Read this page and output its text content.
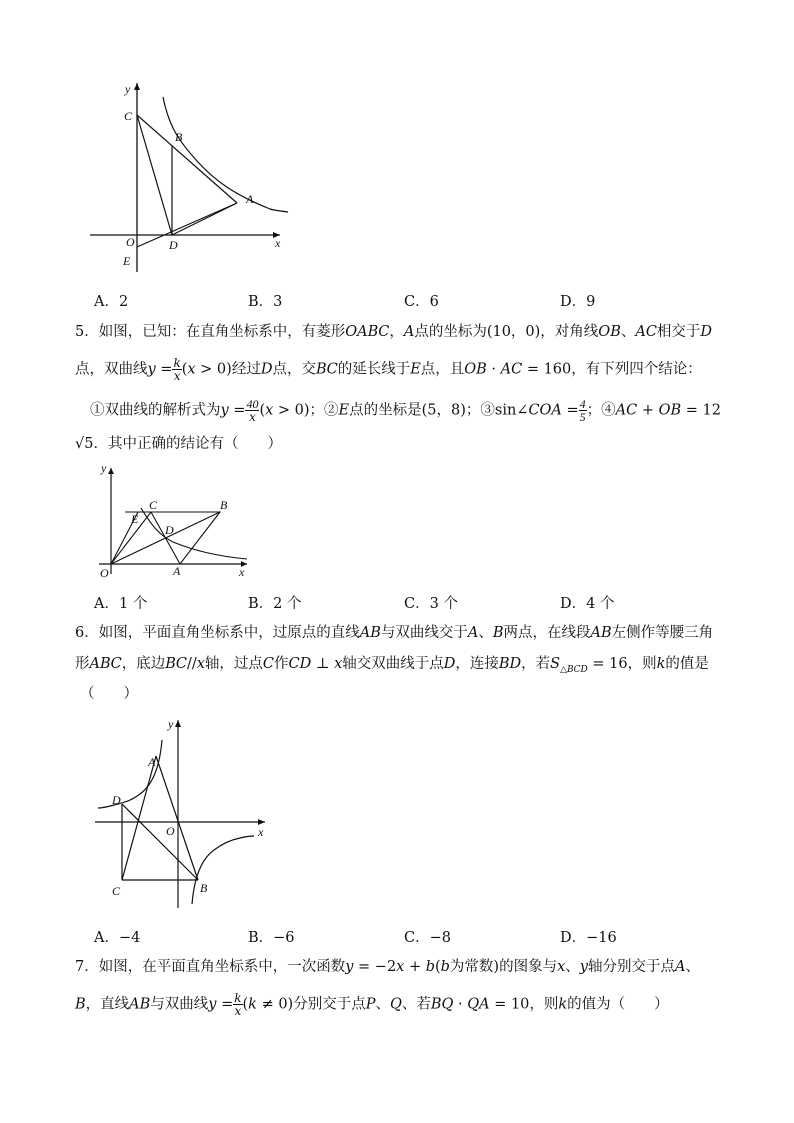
y
C
B
A
O	D
E
x
A．2	B．3	C．6	D．9
5．如图，已知：在直角坐标系中，有菱形𝑂𝐴𝐵𝐶，𝐴点的坐标为(10，0)，对角线𝑂𝐵、𝐴𝐶相交于𝐷
点，双曲线𝑦 = $\frac{\text{𝑘}}{\text{𝑥}}$ (𝑥 > 0)经过𝐷点，交𝐵𝐶的延长线于𝐸点，且𝑂𝐵 · 𝐴𝐶 = 160，有下列四个结论：
①双曲线的解析式为𝑦 = $\frac{40}{\text{𝑥}}$ (𝑥 > 0)；②𝐸点的坐标是(5，8)；③sin∠𝐶𝑂𝐴 = $\frac{4}{5}$ ；④𝐴𝐶 + 𝑂𝐵 = 12
√5．其中正确的结论有（　　）
y
C	B
E
D
O	A	x
A．1 个	B．2 个	C．3 个	D．4 个
6．如图，平面直角坐标系中，过原点的直线𝐴𝐵与双曲线交于𝐴、𝐵两点，在线段𝐴𝐵左侧作等腰三角
形𝐴𝐵𝐶，底边𝐵𝐶//𝑥轴，过点𝐶作𝐶𝐷 ⊥ 𝑥轴交双曲线于点𝐷，连接𝐵𝐷，若𝑆$_{\triangle 𝐵𝐶𝐷}$ = 16，则𝑘的值是
（　　）
y
A
D
O	x
C	B
A．−4	B．−6	C．−8	D．−16
7．如图，在平面直角坐标系中，一次函数𝑦 = −2𝑥 + 𝑏(𝑏为常数)的图象与𝑥、𝑦轴分别交于点𝐴、
𝐵，直线𝐴𝐵与双曲线𝑦 = $\frac{\text{𝑘}}{\text{𝑥}}$ (𝑘 ≠ 0)分别交于点𝑃、𝑄、若𝐵𝑄 · 𝑄𝐴 = 10，则𝑘的值为（　　）
